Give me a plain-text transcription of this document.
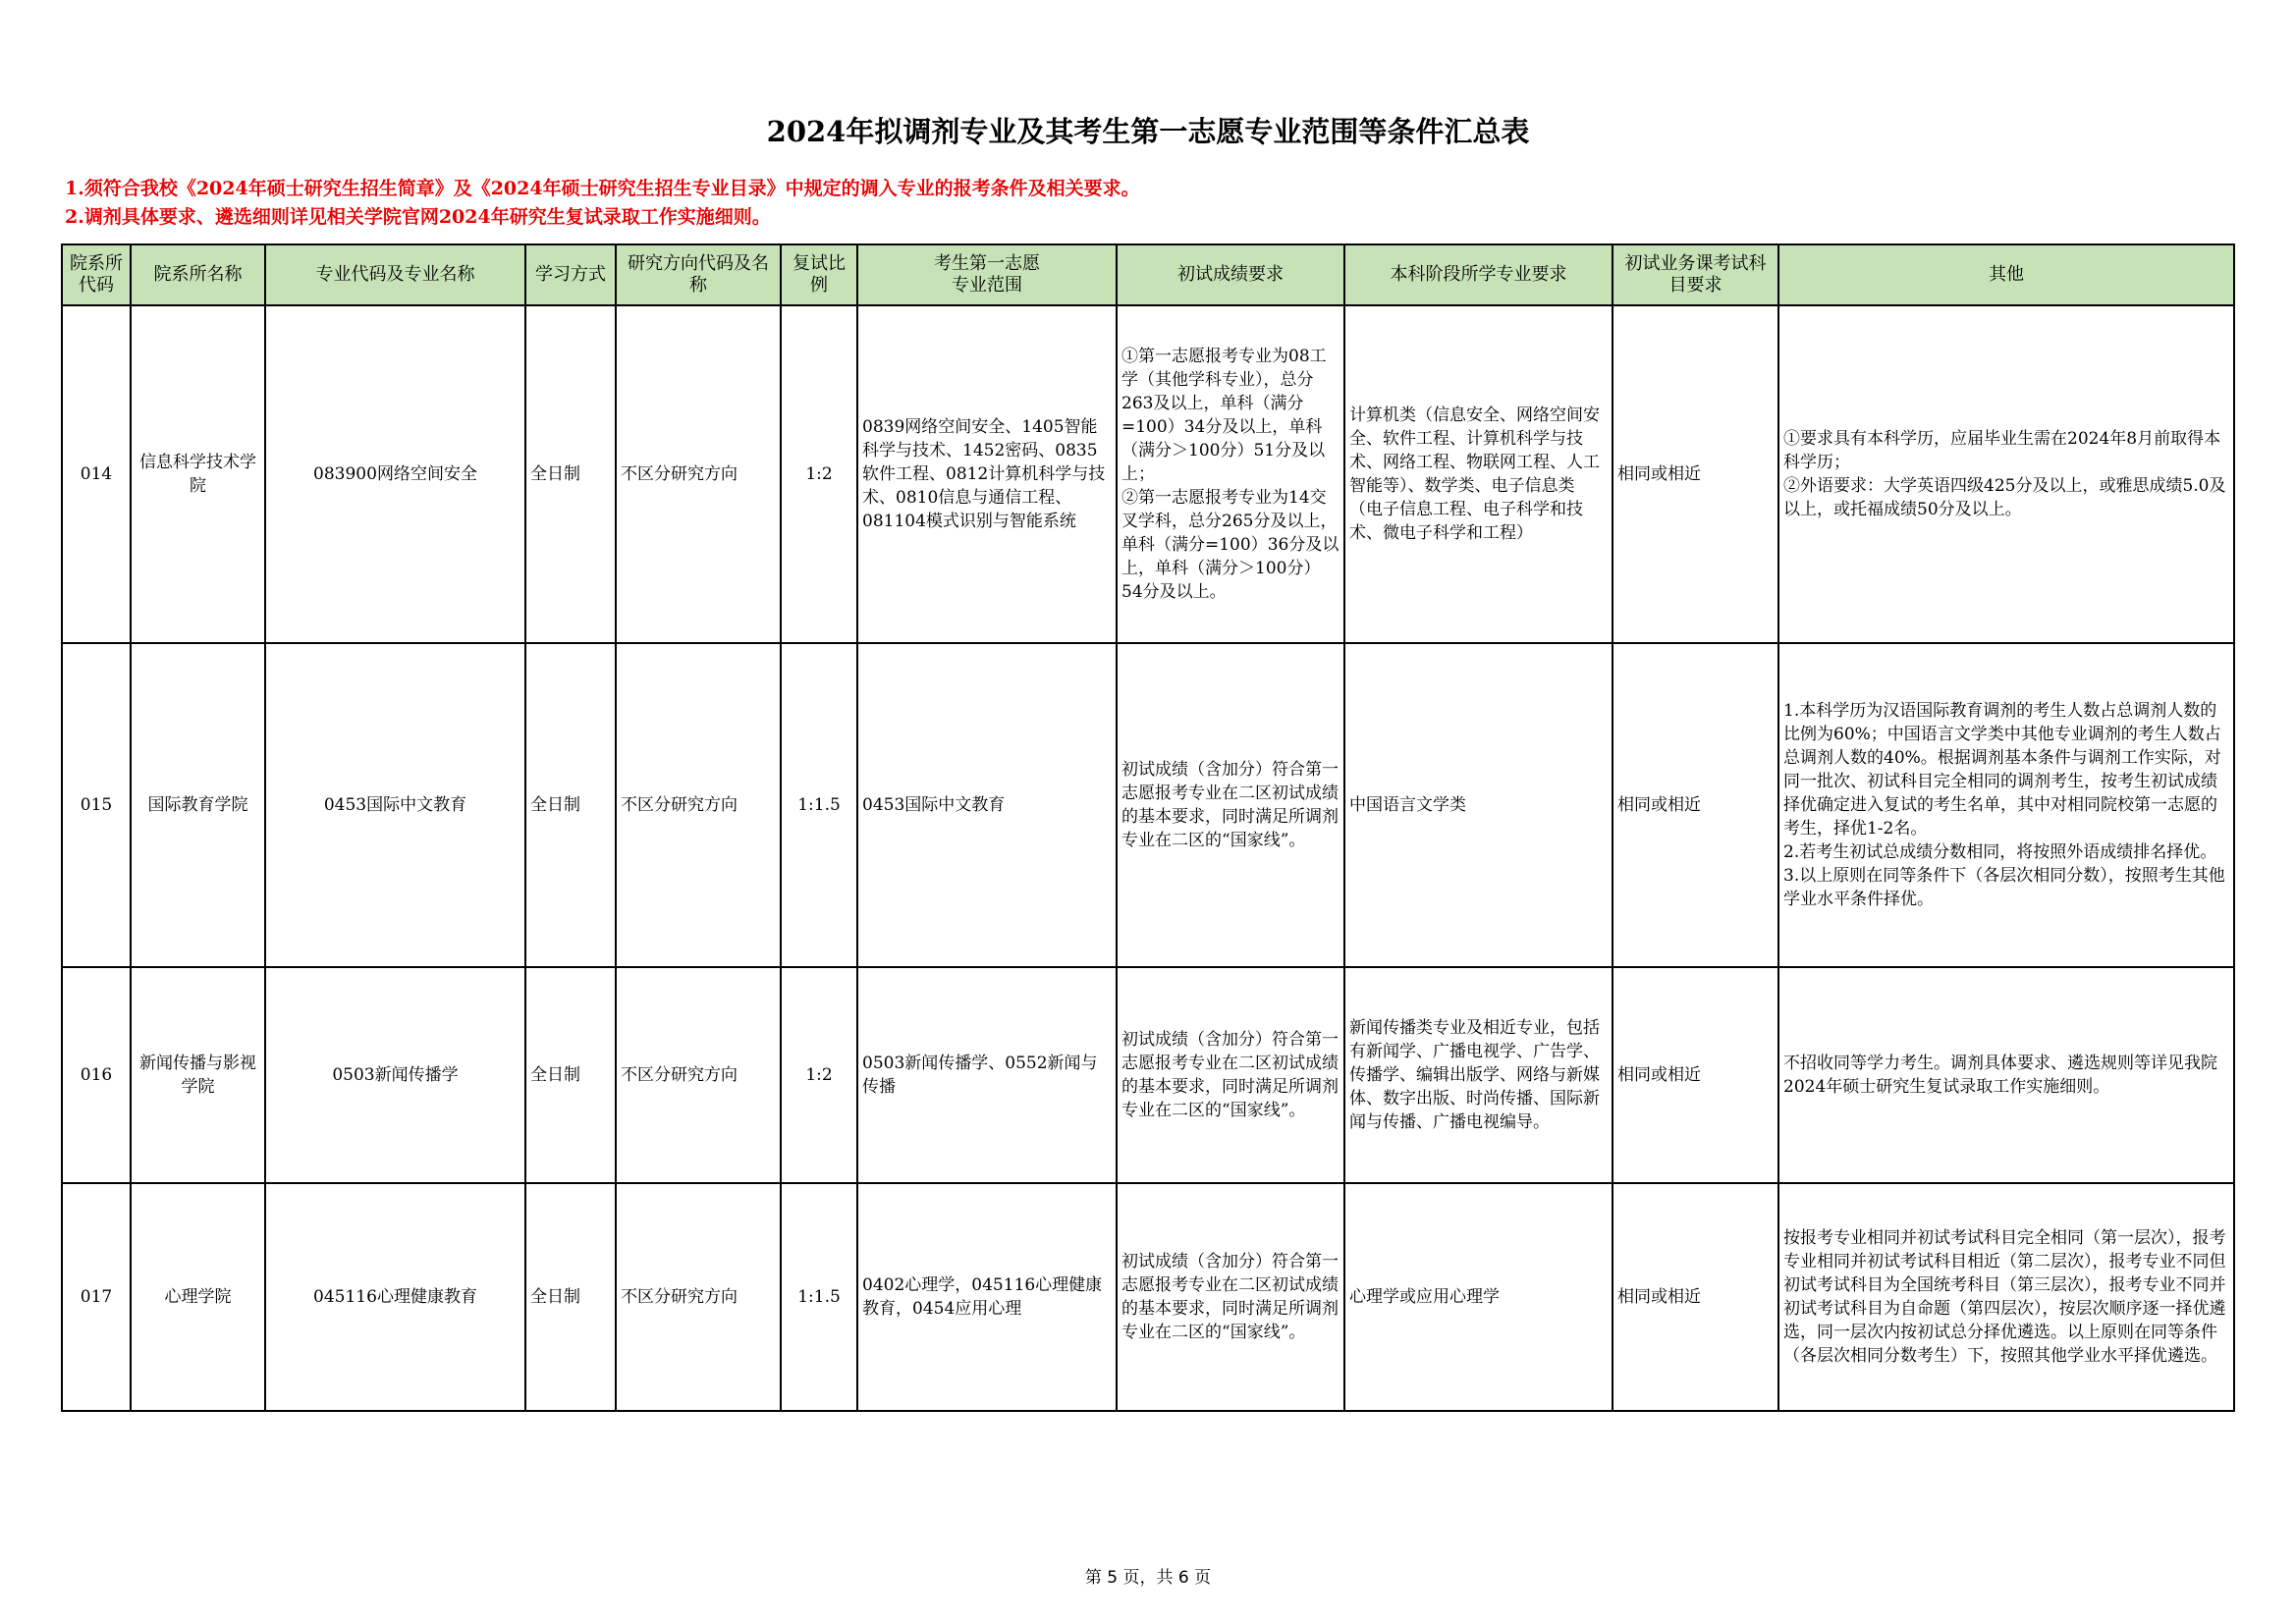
2024年拟调剂专业及其考生第一志愿专业范围等条件汇总表
1.须符合我校《2024年硕士研究生招生简章》及《2024年硕士研究生招生专业目录》中规定的调入专业的报考条件及相关要求。
2.调剂具体要求、遴选细则详见相关学院官网2024年研究生复试录取工作实施细则。
院系所代码	院系所名称	专业代码及专业名称	学习方式	研究方向代码及名称	复试比例	考生第一志愿
专业范围	初试成绩要求	本科阶段所学专业要求	初试业务课考试科目要求	其他
014	信息科学技术学院	083900网络空间安全	全日制	不区分研究方向	1:2	0839网络空间安全、1405智能科学与技术、1452密码、0835软件工程、0812计算机科学与技术、0810信息与通信工程、081104模式识别与智能系统	①第一志愿报考专业为08工学（其他学科专业），总分263及以上，单科（满分=100）34分及以上，单科（满分＞100分）51分及以上；
②第一志愿报考专业为14交叉学科，总分265分及以上，单科（满分=100）36分及以上，单科（满分＞100分）54分及以上。	计算机类（信息安全、网络空间安全、软件工程、计算机科学与技术、网络工程、物联网工程、人工智能等）、数学类、电子信息类（电子信息工程、电子科学和技术、微电子科学和工程）	相同或相近	①要求具有本科学历，应届毕业生需在2024年8月前取得本科学历；
②外语要求：大学英语四级425分及以上，或雅思成绩5.0及以上，或托福成绩50分及以上。
015	国际教育学院	0453国际中文教育	全日制	不区分研究方向	1:1.5	0453国际中文教育	初试成绩（含加分）符合第一志愿报考专业在二区初试成绩的基本要求，同时满足所调剂专业在二区的“国家线”。	中国语言文学类	相同或相近	1.本科学历为汉语国际教育调剂的考生人数占总调剂人数的比例为60%；中国语言文学类中其他专业调剂的考生人数占总调剂人数的40%。根据调剂基本条件与调剂工作实际，对同一批次、初试科目完全相同的调剂考生，按考生初试成绩择优确定进入复试的考生名单，其中对相同院校第一志愿的考生，择优1-2名。
2.若考生初试总成绩分数相同，将按照外语成绩排名择优。
3.以上原则在同等条件下（各层次相同分数），按照考生其他学业水平条件择优。
016	新闻传播与影视学院	0503新闻传播学	全日制	不区分研究方向	1:2	0503新闻传播学、0552新闻与传播	初试成绩（含加分）符合第一志愿报考专业在二区初试成绩的基本要求，同时满足所调剂专业在二区的“国家线”。	新闻传播类专业及相近专业，包括有新闻学、广播电视学、广告学、传播学、编辑出版学、网络与新媒体、数字出版、时尚传播、国际新闻与传播、广播电视编导。	相同或相近	不招收同等学力考生。调剂具体要求、遴选规则等详见我院2024年硕士研究生复试录取工作实施细则。
017	心理学院	045116心理健康教育	全日制	不区分研究方向	1:1.5	0402心理学，045116心理健康教育，0454应用心理	初试成绩（含加分）符合第一志愿报考专业在二区初试成绩的基本要求，同时满足所调剂专业在二区的“国家线”。	心理学或应用心理学	相同或相近	按报考专业相同并初试考试科目完全相同（第一层次），报考专业相同并初试考试科目相近（第二层次），报考专业不同但初试考试科目为全国统考科目（第三层次），报考专业不同并初试考试科目为自命题（第四层次），按层次顺序逐一择优遴选，同一层次内按初试总分择优遴选。以上原则在同等条件（各层次相同分数考生）下，按照其他学业水平择优遴选。
第 5 页，共 6 页
